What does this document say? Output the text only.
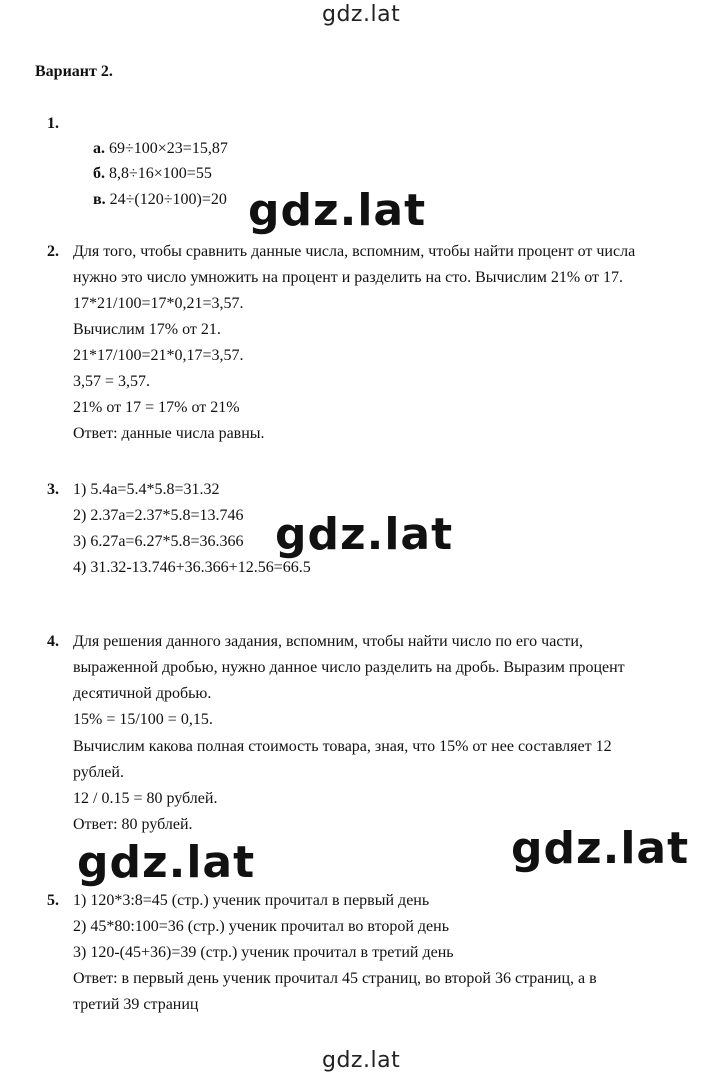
gdz.lat
Вариант 2.
1.
а. 69÷100×23=15,87
б. 8,8÷16×100=55
в. 24÷(120÷100)=20 gdz.lat
2. Для того, чтобы сравнить данные числа, вспомним, чтобы найти процент от числа
нужно это число умножить на процент и разделить на сто. Вычислим 21% от 17.
17*21/100=17*0,21=3,57.
Вычислим 17% от 21.
21*17/100=21*0,17=3,57.
3,57 = 3,57.
21% от 17 = 17% от 21%
Ответ: данные числа равны.
3. 1) 5.4a=5.4*5.8=31.32
2) 2.37a=2.37*5.8=13.746
3) 6.27a=6.27*5.8=36.366
4) 31.32-13.746+36.366+12.56=66.5
gdz.lat
4. Для решения данного задания, вспомним, чтобы найти число по его части,
выраженной дробью, нужно данное число разделить на дробь. Выразим процент
десятичной дробью.
15% = 15/100 = 0,15.
Вычислим какова полная стоимость товара, зная, что 15% от нее составляет 12
рублей.
12 / 0.15 = 80 рублей.
Ответ: 80 рублей.
gdz.lat	gdz.lat
5. 1) 120*3:8=45 (стр.) ученик прочитал в первый день
2) 45*80:100=36 (стр.) ученик прочитал во второй день
3) 120-(45+36)=39 (стр.) ученик прочитал в третий день
Ответ: в первый день ученик прочитал 45 страниц, во второй 36 страниц, а в
третий 39 страниц
gdz.lat
